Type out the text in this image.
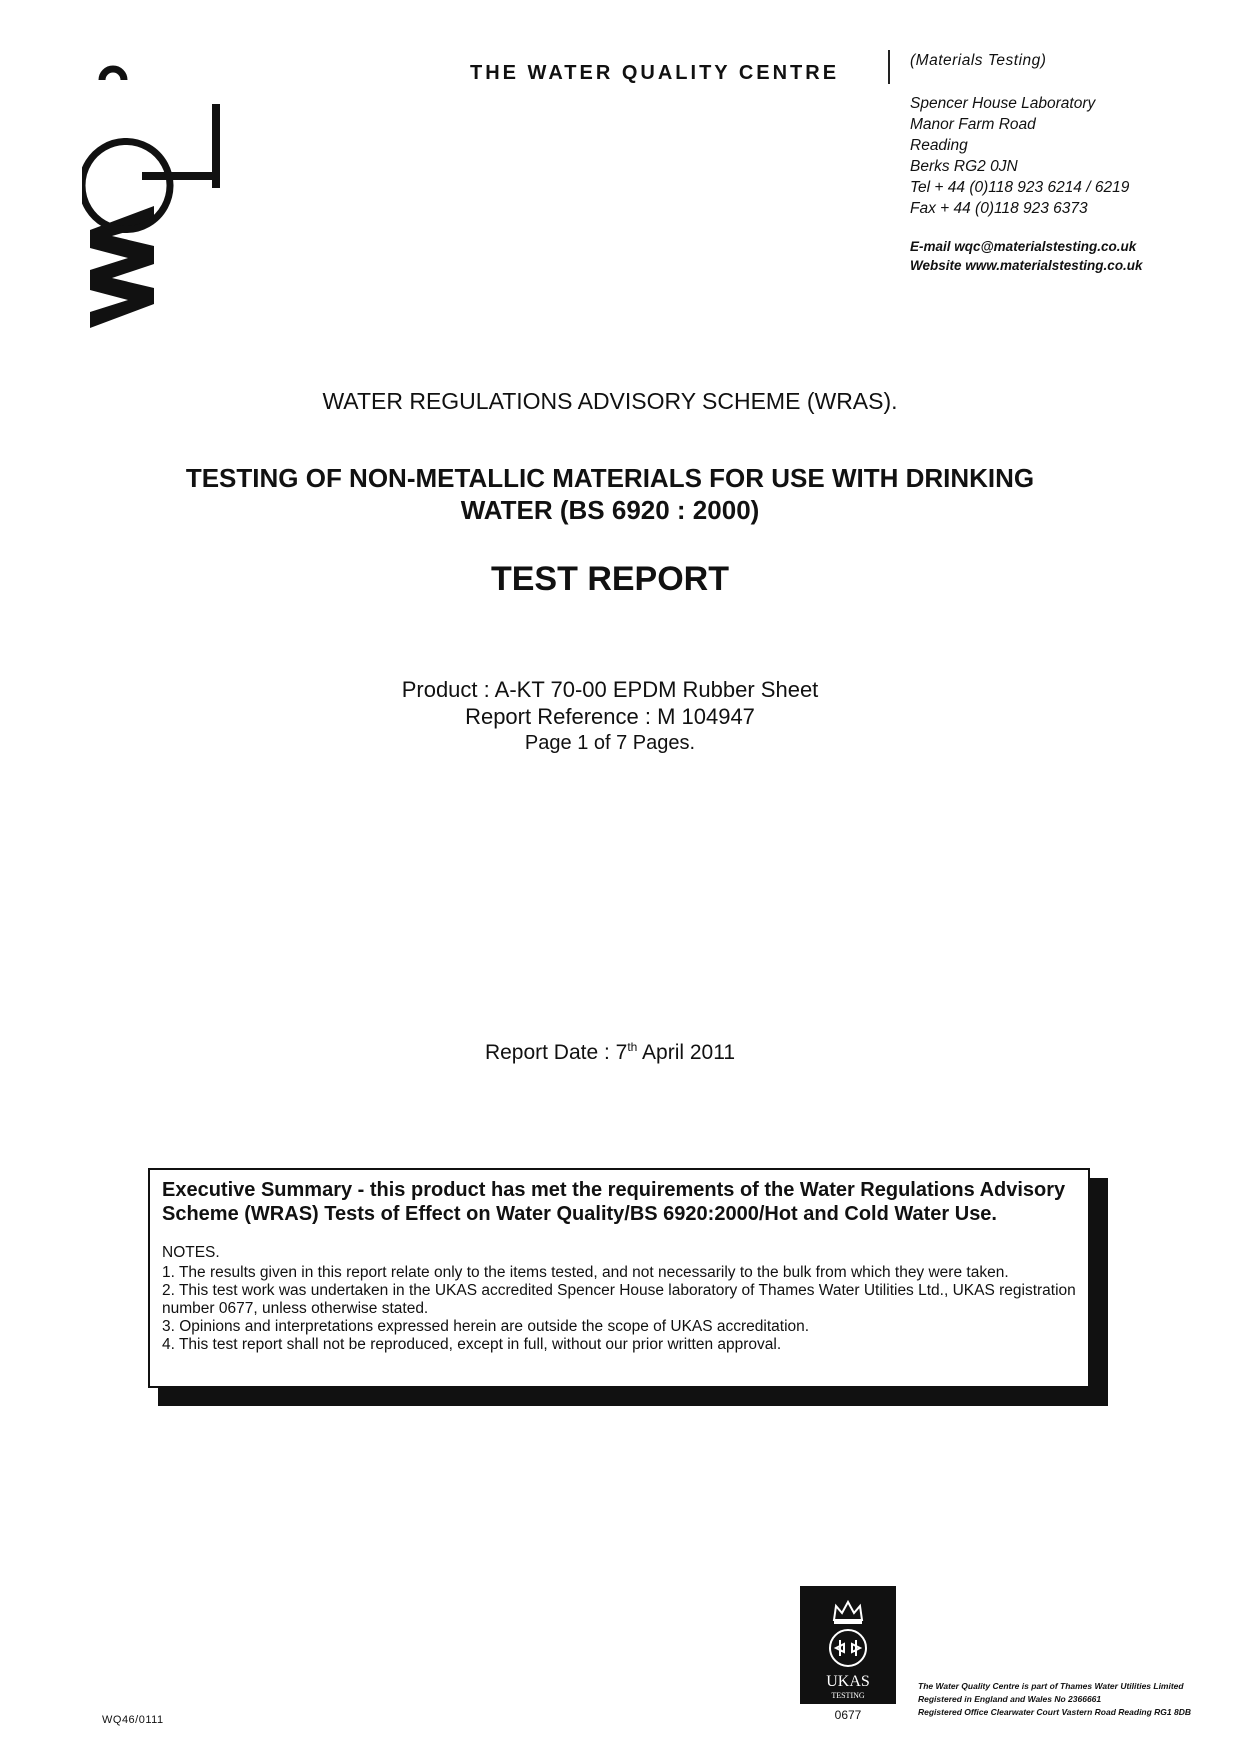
THE WATER QUALITY CENTRE
(Materials Testing)
Spencer House Laboratory
Manor Farm Road
Reading
Berks RG2 0JN
Tel + 44 (0)118 923 6214 / 6219
Fax + 44 (0)118 923 6373
E-mail wqc@materialstesting.co.uk
Website www.materialstesting.co.uk
WATER REGULATIONS ADVISORY SCHEME (WRAS).
TESTING OF NON-METALLIC MATERIALS FOR USE WITH DRINKING
WATER (BS 6920 : 2000)
TEST REPORT
Product : A-KT 70-00 EPDM Rubber Sheet
Report Reference : M 104947
Page 1 of 7 Pages.
Report Date : 7th April 2011

Executive Summary - this product has met the requirements of the Water Regulations Advisory Scheme (WRAS) Tests of Effect on Water Quality/BS 6920:2000/Hot and Cold Water Use.

NOTES.
1. The results given in this report relate only to the items tested, and not necessarily to the bulk from which they were taken.
2. This test work was undertaken in the UKAS accredited Spencer House laboratory of Thames Water Utilities Ltd., UKAS registration number 0677, unless otherwise stated.
3. Opinions and interpretations expressed herein are outside the scope of UKAS accreditation.
4. This test report shall not be reproduced, except in full, without our prior written approval.
WQ46/0111
UKAS
TESTING
0677
The Water Quality Centre is part of Thames Water Utilities Limited
Registered in England and Wales No 2366661
Registered Office Clearwater Court Vastern Road Reading RG1 8DB
